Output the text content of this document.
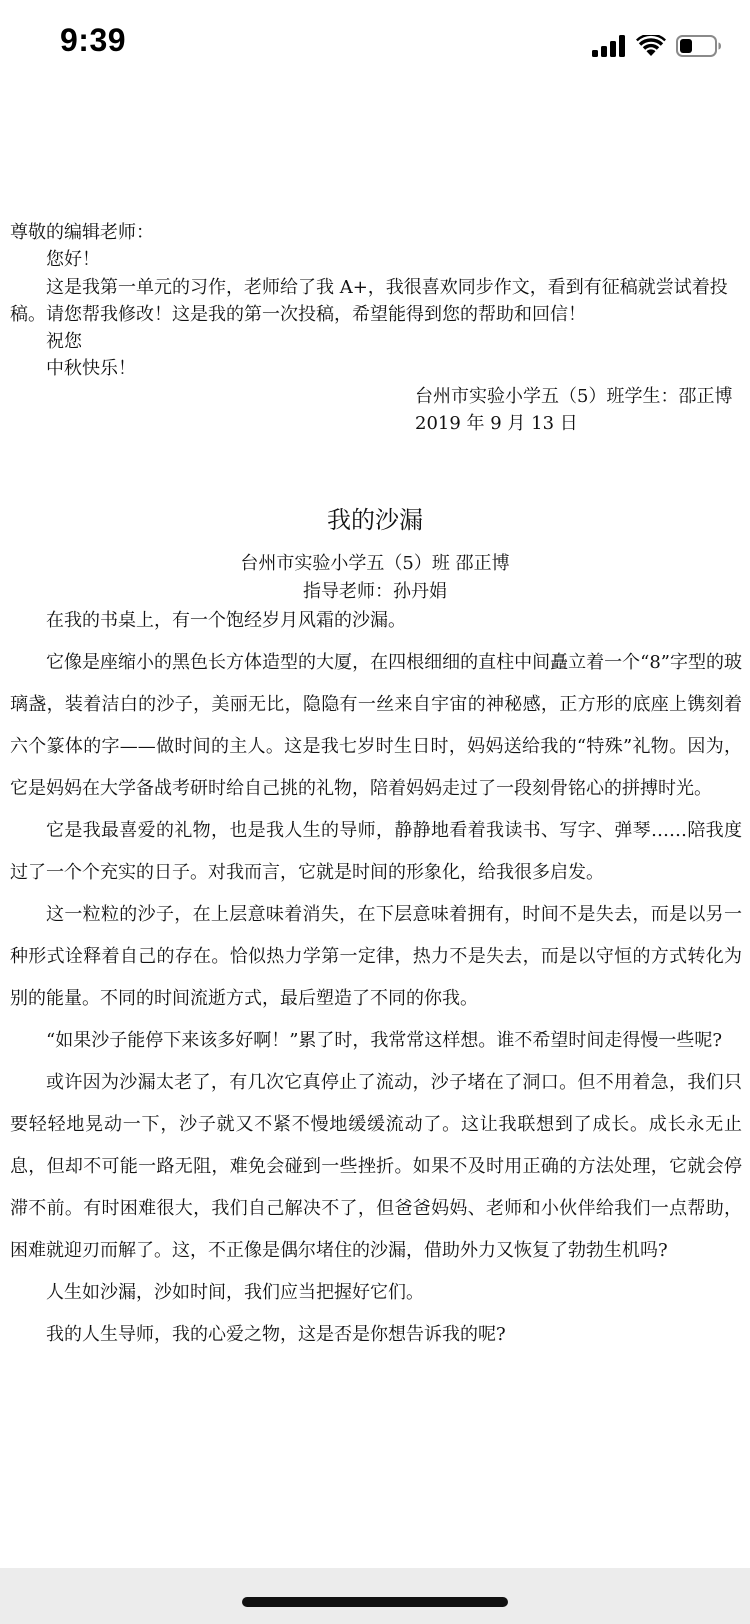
9:39
尊敬的编辑老师：
您好！
这是我第一单元的习作，老师给了我 A+，我很喜欢同步作文，看到有征稿就尝试着投
稿。请您帮我修改！这是我的第一次投稿，希望能得到您的帮助和回信！
祝您
中秋快乐！
台州市实验小学五（5）班学生：邵正博
2019 年 9 月 13 日
我的沙漏
台州市实验小学五（5）班 邵正博
指导老师：孙丹娟
在我的书桌上，有一个饱经岁月风霜的沙漏。
它像是座缩小的黑色长方体造型的大厦，在四根细细的直柱中间矗立着一个“8”字型的玻璃盏，装着洁白的沙子，美丽无比，隐隐有一丝来自宇宙的神秘感，正方形的底座上镌刻着六个篆体的字——做时间的主人。这是我七岁时生日时，妈妈送给我的“特殊”礼物。因为，它是妈妈在大学备战考研时给自己挑的礼物，陪着妈妈走过了一段刻骨铭心的拼搏时光。
它是我最喜爱的礼物，也是我人生的导师，静静地看着我读书、写字、弹琴……陪我度过了一个个充实的日子。对我而言，它就是时间的形象化，给我很多启发。
这一粒粒的沙子，在上层意味着消失，在下层意味着拥有，时间不是失去，而是以另一种形式诠释着自己的存在。恰似热力学第一定律，热力不是失去，而是以守恒的方式转化为别的能量。不同的时间流逝方式，最后塑造了不同的你我。
“如果沙子能停下来该多好啊！”累了时，我常常这样想。谁不希望时间走得慢一些呢?
或许因为沙漏太老了，有几次它真停止了流动，沙子堵在了洞口。但不用着急，我们只要轻轻地晃动一下，沙子就又不紧不慢地缓缓流动了。这让我联想到了成长。成长永无止息，但却不可能一路无阻，难免会碰到一些挫折。如果不及时用正确的方法处理，它就会停滞不前。有时困难很大，我们自己解决不了，但爸爸妈妈、老师和小伙伴给我们一点帮助，困难就迎刃而解了。这，不正像是偶尔堵住的沙漏，借助外力又恢复了勃勃生机吗?
人生如沙漏，沙如时间，我们应当把握好它们。
我的人生导师，我的心爱之物，这是否是你想告诉我的呢?
